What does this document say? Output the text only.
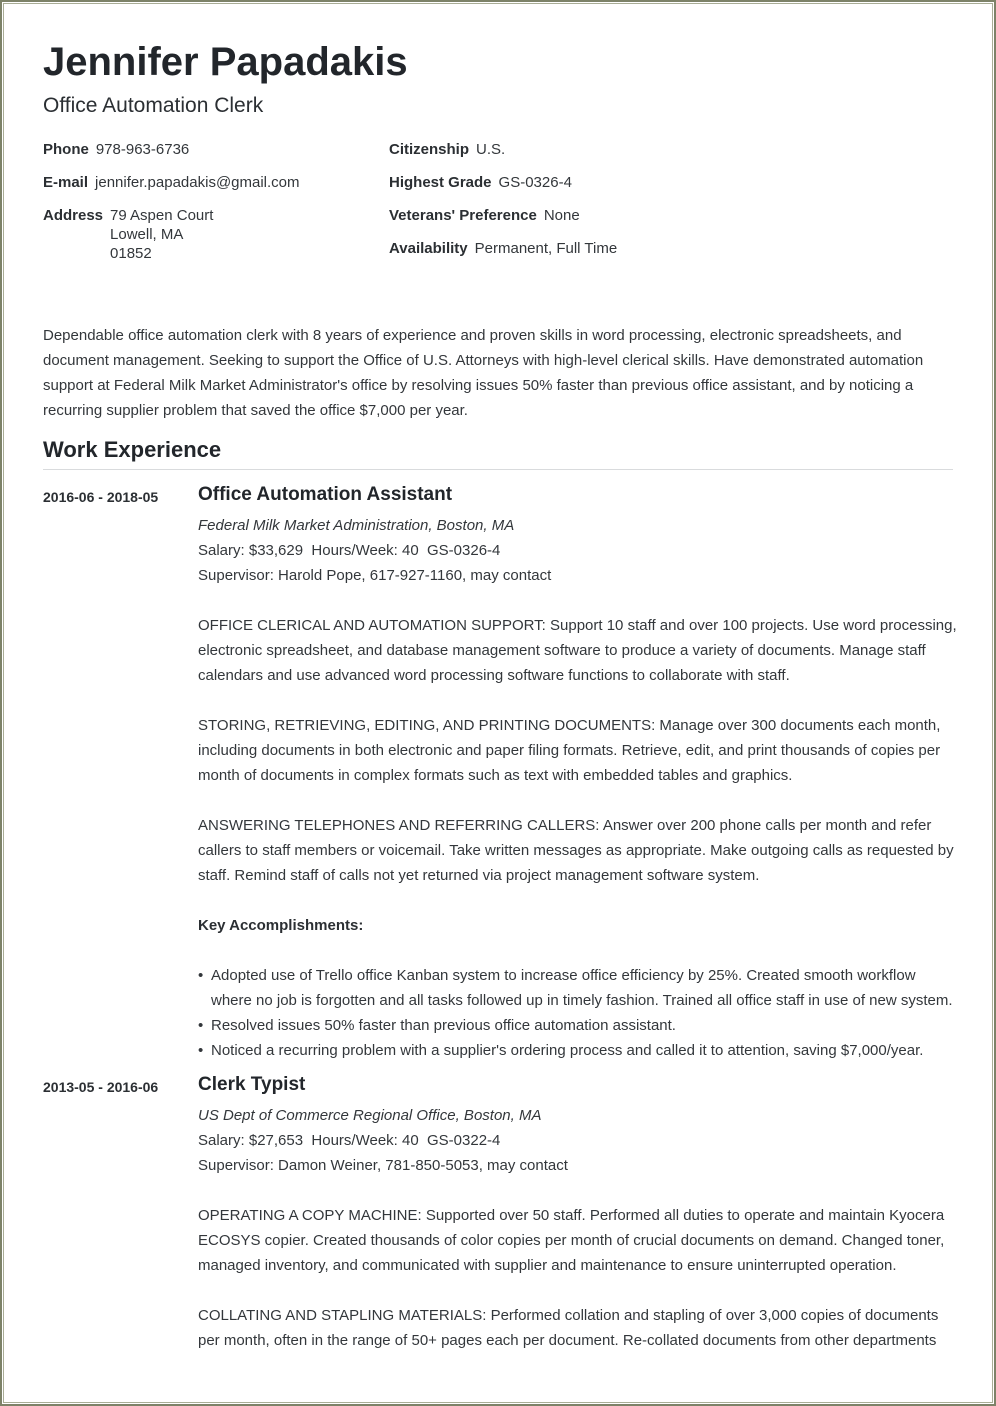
Jennifer Papadakis
Office Automation Clerk
Phone 978-963-6736
E-mail jennifer.papadakis@gmail.com
Address 79 Aspen Court
Lowell, MA
01852
Citizenship U.S.
Highest Grade GS-0326-4
Veterans' Preference None
Availability Permanent, Full Time
Dependable office automation clerk with 8 years of experience and proven skills in word processing, electronic spreadsheets, and document management. Seeking to support the Office of U.S. Attorneys with high-level clerical skills. Have demonstrated automation support at Federal Milk Market Administrator's office by resolving issues 50% faster than previous office assistant, and by noticing a recurring supplier problem that saved the office $7,000 per year.
Work Experience
2016-06 - 2018-05 Office Automation Assistant
Federal Milk Market Administration, Boston, MA
Salary: $33,629  Hours/Week: 40  GS-0326-4
Supervisor: Harold Pope, 617-927-1160, may contact
OFFICE CLERICAL AND AUTOMATION SUPPORT: Support 10 staff and over 100 projects. Use word processing, electronic spreadsheet, and database management software to produce a variety of documents. Manage staff calendars and use advanced word processing software functions to collaborate with staff.
STORING, RETRIEVING, EDITING, AND PRINTING DOCUMENTS: Manage over 300 documents each month, including documents in both electronic and paper filing formats. Retrieve, edit, and print thousands of copies per month of documents in complex formats such as text with embedded tables and graphics.
ANSWERING TELEPHONES AND REFERRING CALLERS: Answer over 200 phone calls per month and refer callers to staff members or voicemail. Take written messages as appropriate. Make outgoing calls as requested by staff. Remind staff of calls not yet returned via project management software system.
Key Accomplishments:
• Adopted use of Trello office Kanban system to increase office efficiency by 25%. Created smooth workflow where no job is forgotten and all tasks followed up in timely fashion. Trained all office staff in use of new system.
• Resolved issues 50% faster than previous office automation assistant.
• Noticed a recurring problem with a supplier's ordering process and called it to attention, saving $7,000/year.
2013-05 - 2016-06 Clerk Typist
US Dept of Commerce Regional Office, Boston, MA
Salary: $27,653  Hours/Week: 40  GS-0322-4
Supervisor: Damon Weiner, 781-850-5053, may contact
OPERATING A COPY MACHINE: Supported over 50 staff. Performed all duties to operate and maintain Kyocera ECOSYS copier. Created thousands of color copies per month of crucial documents on demand. Changed toner, managed inventory, and communicated with supplier and maintenance to ensure uninterrupted operation.
COLLATING AND STAPLING MATERIALS: Performed collation and stapling of over 3,000 copies of documents per month, often in the range of 50+ pages each per document. Re-collated documents from other departments
